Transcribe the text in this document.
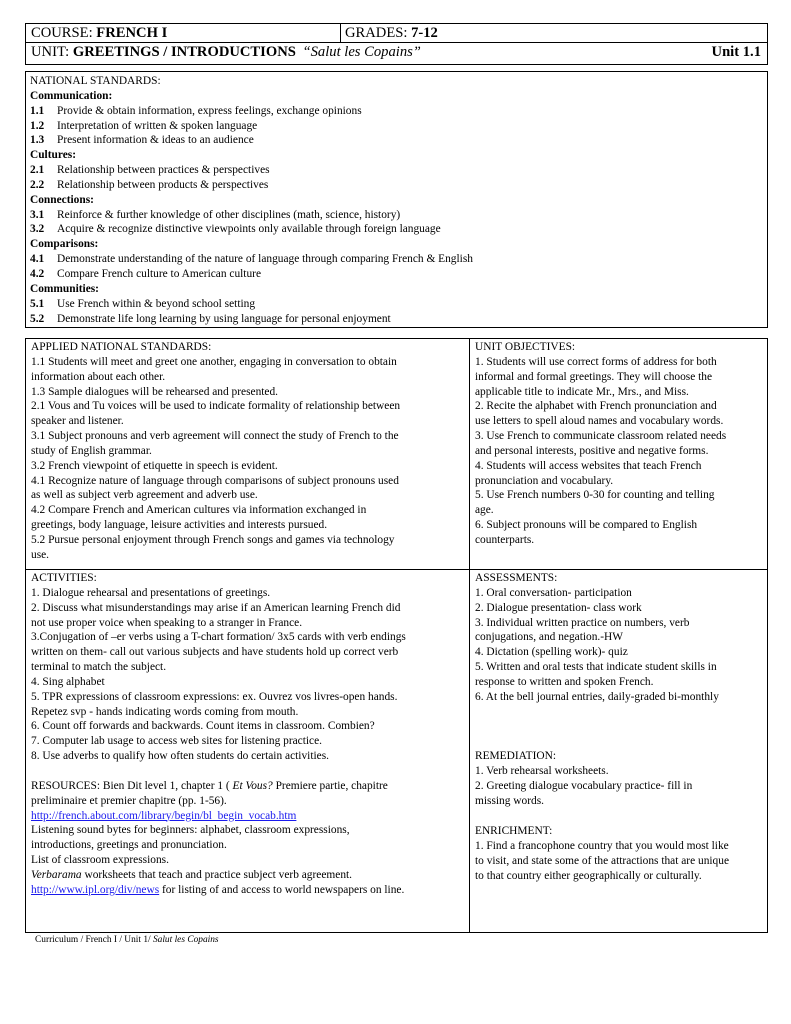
COURSE: FRENCH I	GRADES: 7-12
UNIT: GREETINGS / INTRODUCTIONS “Salut les Copains”	Unit 1.1
NATIONAL STANDARDS:
Communication:
1.1 Provide & obtain information, express feelings, exchange opinions
1.2 Interpretation of written & spoken language
1.3 Present information & ideas to an audience
Cultures:
2.1 Relationship between practices & perspectives
2.2 Relationship between products & perspectives
Connections:
3.1 Reinforce & further knowledge of other disciplines (math, science, history)
3.2 Acquire & recognize distinctive viewpoints only available through foreign language
Comparisons:
4.1 Demonstrate understanding of the nature of language through comparing French & English
4.2 Compare French culture to American culture
Communities:
5.1 Use French within & beyond school setting
5.2 Demonstrate life long learning by using language for personal enjoyment
APPLIED NATIONAL STANDARDS:
1.1 Students will meet and greet one another, engaging in conversation to obtain
information about each other.
1.3 Sample dialogues will be rehearsed and presented.
2.1 Vous and Tu voices will be used to indicate formality of relationship between
speaker and listener.
3.1 Subject pronouns and verb agreement will connect the study of French to the
study of English grammar.
3.2 French viewpoint of etiquette in speech is evident.
4.1 Recognize nature of language through comparisons of subject pronouns used
as well as subject verb agreement and adverb use.
4.2 Compare French and American cultures via information exchanged in
greetings, body language, leisure activities and interests pursued.
5.2 Pursue personal enjoyment through French songs and games via technology
use.
UNIT OBJECTIVES:
1. Students will use correct forms of address for both
informal and formal greetings. They will choose the
applicable title to indicate Mr., Mrs., and Miss.
2. Recite the alphabet with French pronunciation and
use letters to spell aloud names and vocabulary words.
3. Use French to communicate classroom related needs
and personal interests, positive and negative forms.
4. Students will access websites that teach French
pronunciation and vocabulary.
5. Use French numbers 0-30 for counting and telling
age.
6. Subject pronouns will be compared to English
counterparts.
ACTIVITIES:
1. Dialogue rehearsal and presentations of greetings.
2. Discuss what misunderstandings may arise if an American learning French did
not use proper voice when speaking to a stranger in France.
3.Conjugation of –er verbs using a T-chart formation/ 3x5 cards with verb endings
written on them- call out various subjects and have students hold up correct verb
terminal to match the subject.
4. Sing alphabet
5. TPR expressions of classroom expressions: ex. Ouvrez vos livres-open hands.
Repetez svp - hands indicating words coming from mouth.
6. Count off forwards and backwards. Count items in classroom. Combien?
7. Computer lab usage to access web sites for listening practice.
8. Use adverbs to qualify how often students do certain activities.
RESOURCES: Bien Dit level 1, chapter 1 ( Et Vous? Premiere partie, chapitre
preliminaire et premier chapitre (pp. 1-56).
http://french.about.com/library/begin/bl_begin_vocab.htm
Listening sound bytes for beginners: alphabet, classroom expressions,
introductions, greetings and pronunciation.
List of classroom expressions.
Verbarama worksheets that teach and practice subject verb agreement.
http://www.ipl.org/div/news for listing of and access to world newspapers on line.
ASSESSMENTS:
1. Oral conversation- participation
2. Dialogue presentation- class work
3. Individual written practice on numbers, verb
conjugations, and negation.-HW
4. Dictation (spelling work)- quiz
5. Written and oral tests that indicate student skills in
response to written and spoken French.
6. At the bell journal entries, daily-graded bi-monthly
REMEDIATION:
1. Verb rehearsal worksheets.
2. Greeting dialogue vocabulary practice- fill in
missing words.
ENRICHMENT:
1. Find a francophone country that you would most like
to visit, and state some of the attractions that are unique
to that country either geographically or culturally.
Curriculum / French I / Unit 1/ Salut les Copains
